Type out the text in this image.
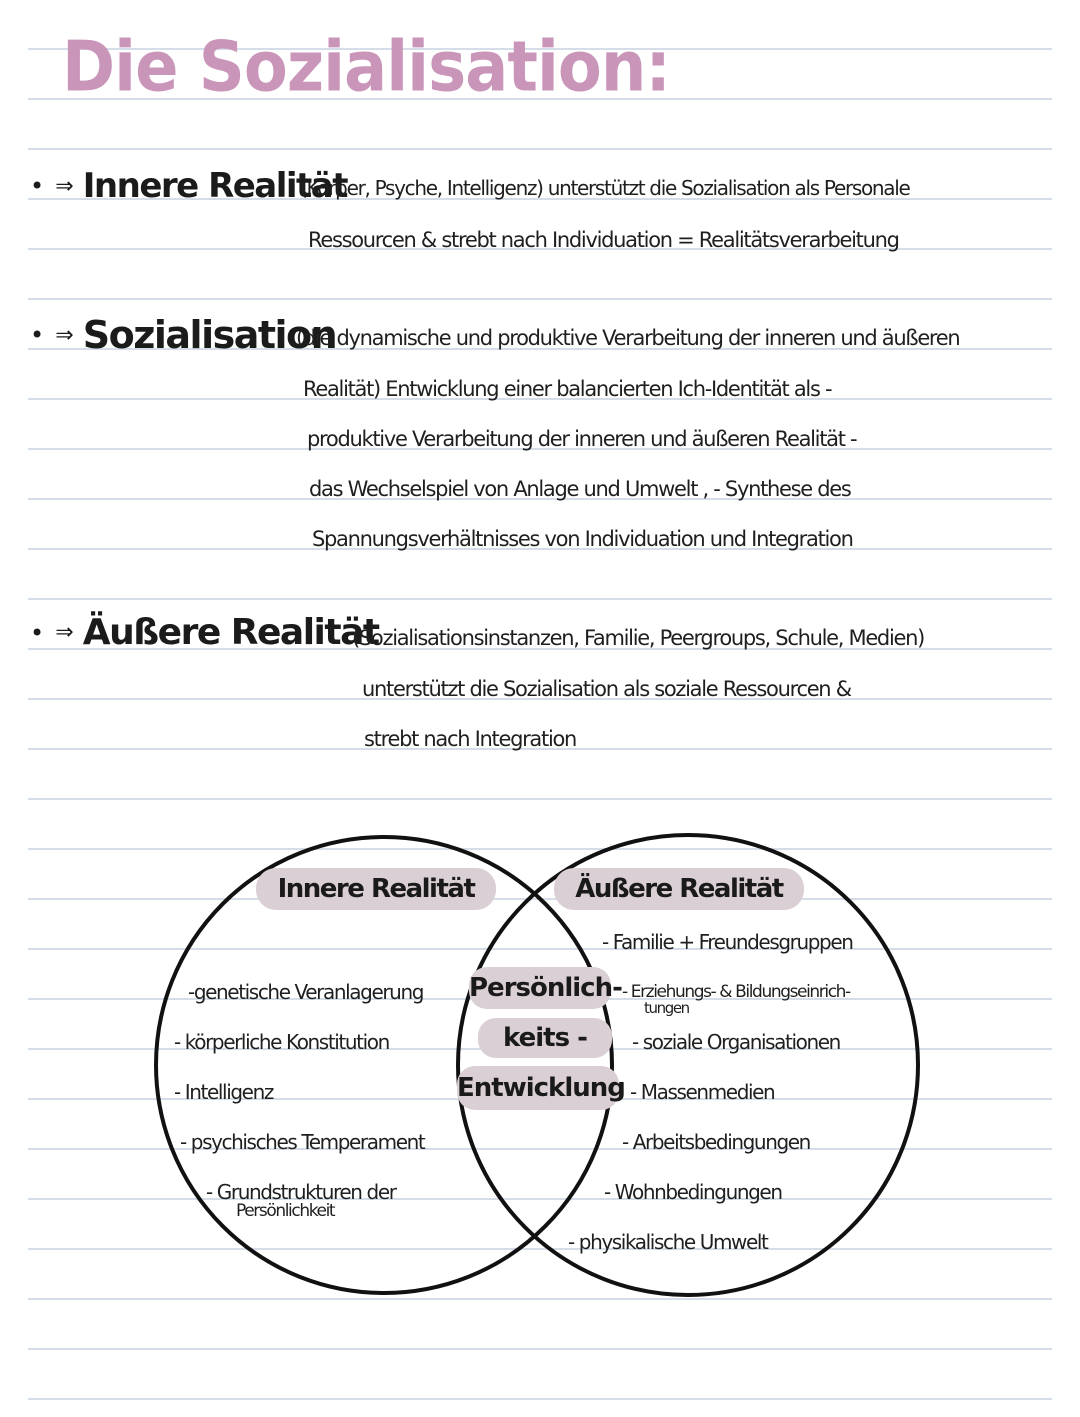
Die Sozialisation:
• ⇒ Innere Realität
(Körper, Psyche, Intelligenz) unterstützt die Sozialisation als Personale
Ressourcen & strebt nach Individuation = Realitätsverarbeitung
• ⇒ Sozialisation
(die dynamische und produktive Verarbeitung der inneren und äußeren
Realität) Entwicklung einer balancierten Ich-Identität als -
produktive Verarbeitung der inneren und äußeren Realität -
das Wechselspiel von Anlage und Umwelt , - Synthese des
Spannungsverhältnisses von Individuation und Integration
• ⇒ Äußere Realität
(Sozialisationsinstanzen, Familie, Peergroups, Schule, Medien)
unterstützt die Sozialisation als soziale Ressourcen &
strebt nach Integration
Innere Realität	Äußere Realität
Persönlich-
keits -
Entwicklung
-genetische Veranlagerung
- körperliche Konstitution
- Intelligenz
- psychisches Temperament
- Grundstrukturen der
Persönlichkeit
- Familie + Freundesgruppen
- Erziehungs- & Bildungseinrich-
tungen
- soziale Organisationen
- Massenmedien
- Arbeitsbedingungen
- Wohnbedingungen
- physikalische Umwelt
